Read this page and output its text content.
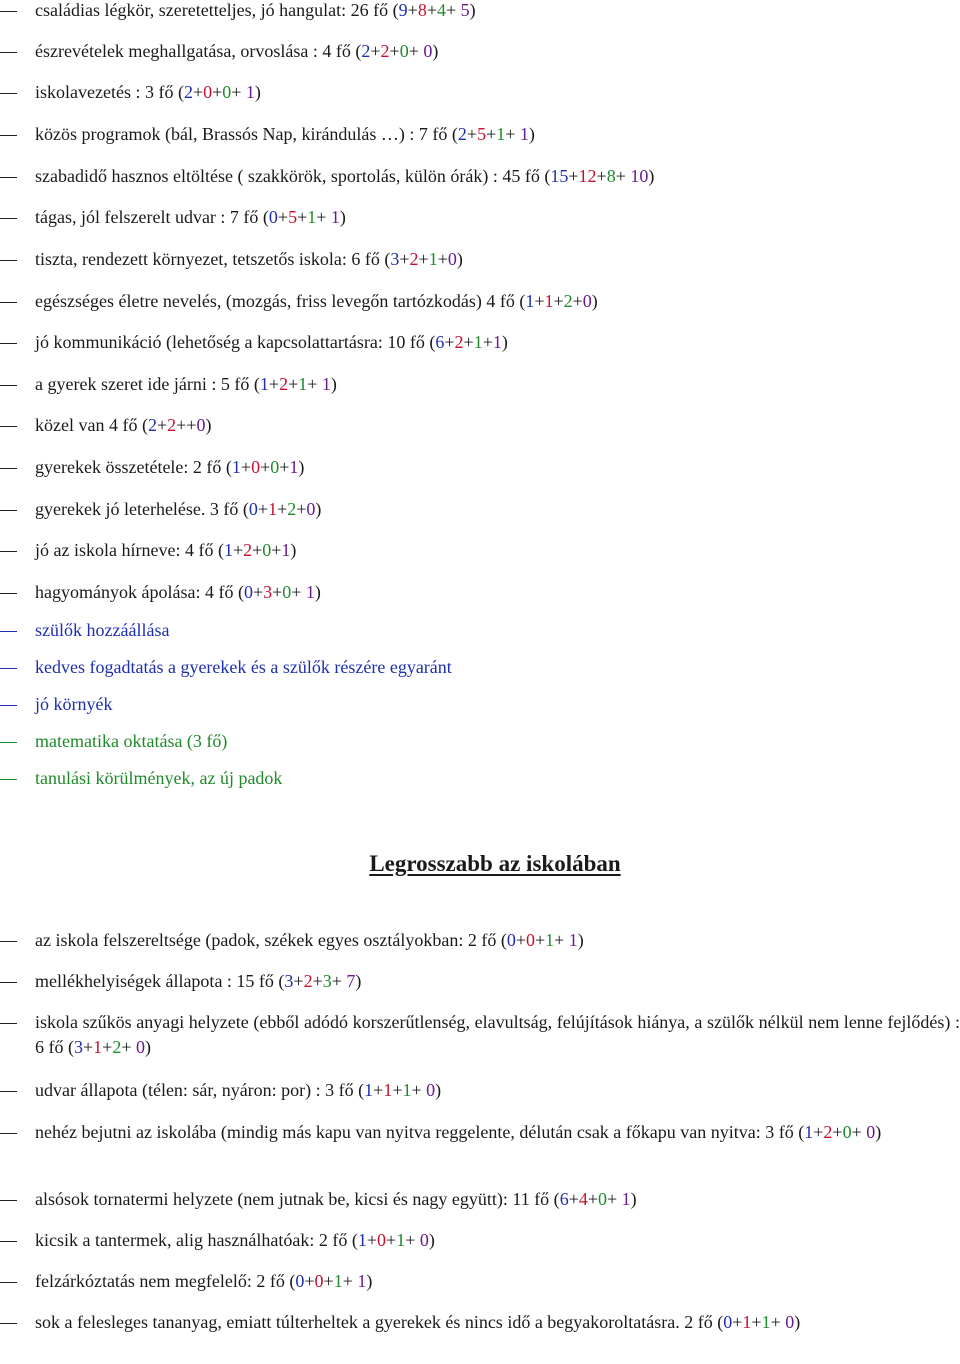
családias légkör, szeretetteljes, jó hangulat: 26 fő (9+8+4+ 5)
észrevételek meghallgatása, orvoslása : 4 fő (2+2+0+ 0)
iskolavezetés : 3 fő (2+0+0+ 1)
közös programok (bál, Brassós Nap, kirándulás …) : 7 fő (2+5+1+ 1)
szabadidő hasznos eltöltése ( szakkörök, sportolás, külön órák) : 45 fő (15+12+8+ 10)
tágas, jól felszerelt udvar : 7 fő (0+5+1+ 1)
tiszta, rendezett környezet, tetszetős iskola: 6 fő (3+2+1+0)
egészséges életre nevelés, (mozgás, friss levegőn tartózkodás) 4 fő (1+1+2+0)
jó kommunikáció (lehetőség a kapcsolattartásra: 10 fő (6+2+1+1)
a gyerek szeret ide járni : 5 fő (1+2+1+ 1)
közel van 4 fő (2+2++0)
gyerekek összetétele: 2 fő (1+0+0+1)
gyerekek jó leterhelése. 3 fő (0+1+2+0)
jó az iskola hírneve: 4 fő (1+2+0+1)
hagyományok ápolása: 4 fő (0+3+0+ 1)
szülők hozzáállása
kedves fogadtatás a gyerekek és a szülők részére egyaránt
jó környék
matematika oktatása (3 fő)
tanulási körülmények, az új padok
Legrosszabb az iskolában
az iskola felszereltsége (padok, székek egyes osztályokban: 2 fő (0+0+1+ 1)
mellékhelyiségek állapota : 15 fő (3+2+3+ 7)
iskola szűkös anyagi helyzete (ebből adódó korszerűtlenség, elavultság, felújítások hiánya, a szülők nélkül nem lenne fejlődés) : 6 fő (3+1+2+ 0)
udvar állapota (télen: sár, nyáron: por) : 3 fő (1+1+1+ 0)
nehéz bejutni az iskolába (mindig más kapu van nyitva reggelente, délután csak a főkapu van nyitva: 3 fő (1+2+0+ 0)
alsósok tornatermi helyzete (nem jutnak be, kicsi és nagy együtt): 11 fő (6+4+0+ 1)
kicsik a tantermek, alig használhatóak: 2 fő (1+0+1+ 0)
felzárkóztatás nem megfelelő: 2 fő (0+0+1+ 1)
sok a felesleges tananyag, emiatt túlterheltek a gyerekek és nincs idő a begyakoroltatásra. 2 fő (0+1+1+ 0)
